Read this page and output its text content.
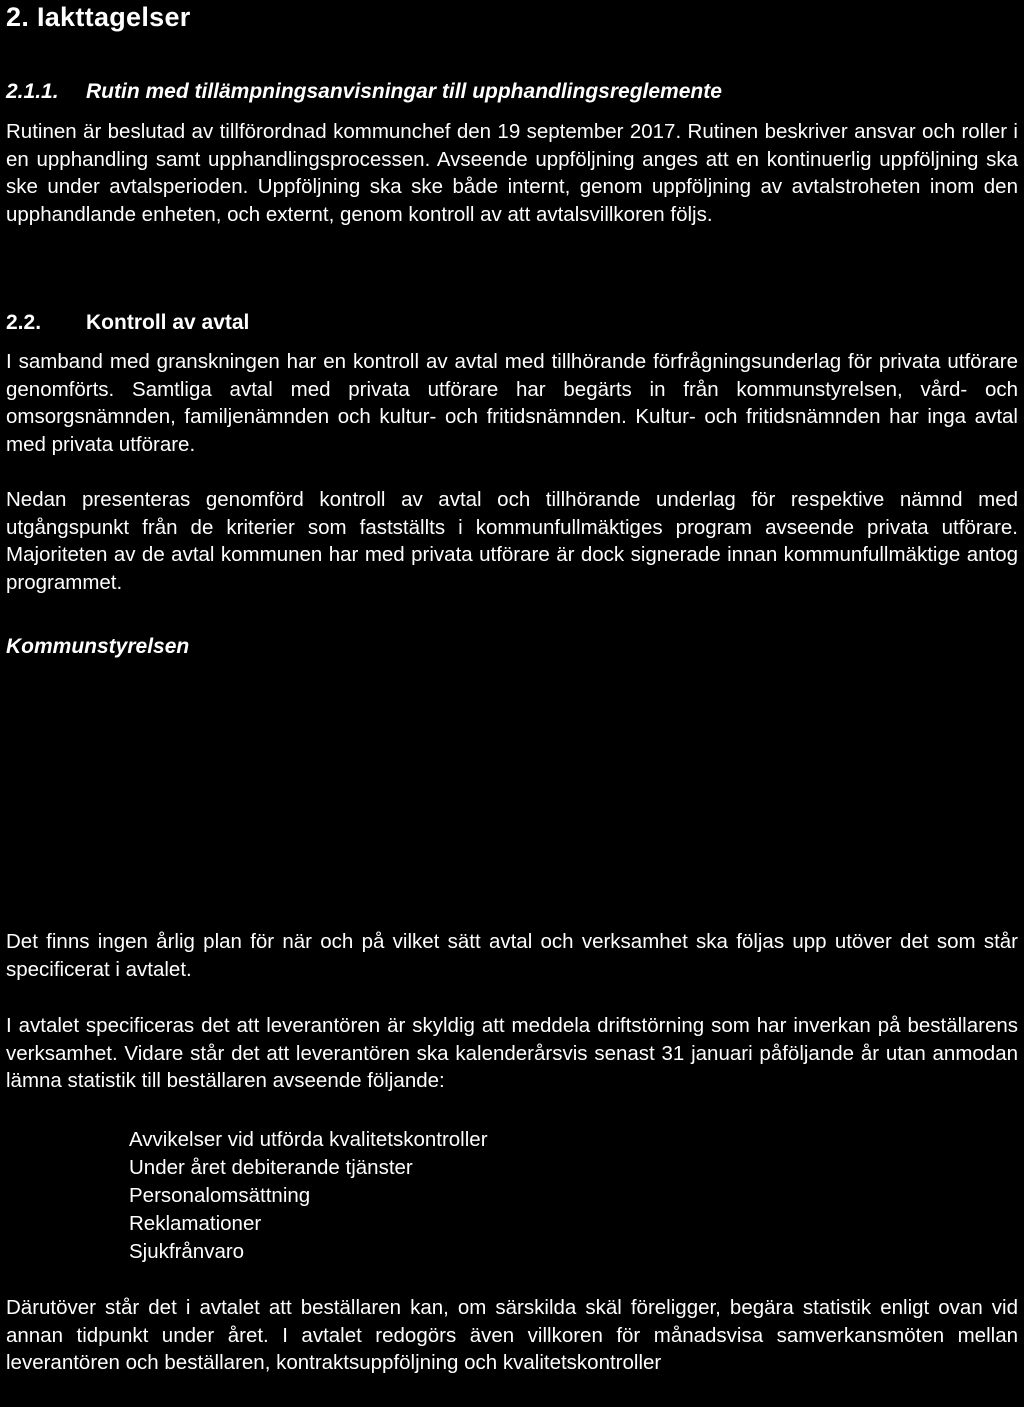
2. Iakttagelser
2.1.1. Rutin med tillämpningsanvisningar till upphandlingsreglemente
Rutinen är beslutad av tillförordnad kommunchef den 19 september 2017. Rutinen beskriver ansvar och roller i en upphandling samt upphandlingsprocessen. Avseende uppföljning anges att en kontinuerlig uppföljning ska ske under avtalsperioden. Uppföljning ska ske både internt, genom uppföljning av avtalstroheten inom den upphandlande enheten, och externt, genom kontroll av att avtalsvillkoren följs.
2.2. Kontroll av avtal
I samband med granskningen har en kontroll av avtal med tillhörande förfrågningsunderlag för privata utförare genomförts. Samtliga avtal med privata utförare har begärts in från kommunstyrelsen, vård- och omsorgsnämnden, familjenämnden och kultur- och fritidsnämnden. Kultur- och fritidsnämnden har inga avtal med privata utförare.
Nedan presenteras genomförd kontroll av avtal och tillhörande underlag för respektive nämnd med utgångspunkt från de kriterier som fastställts i kommunfullmäktiges program avseende privata utförare. Majoriteten av de avtal kommunen har med privata utförare är dock signerade innan kommunfullmäktige antog programmet.
Kommunstyrelsen
Det finns ingen årlig plan för när och på vilket sätt avtal och verksamhet ska följas upp utöver det som står specificerat i avtalet.
I avtalet specificeras det att leverantören är skyldig att meddela driftstörning som har inverkan på beställarens verksamhet. Vidare står det att leverantören ska kalenderårsvis senast 31 januari påföljande år utan anmodan lämna statistik till beställaren avseende följande:
Avvikelser vid utförda kvalitetskontroller
Under året debiterande tjänster
Personalomsättning
Reklamationer
Sjukfrånvaro
Därutöver står det i avtalet att beställaren kan, om särskilda skäl föreligger, begära statistik enligt ovan vid annan tidpunkt under året. I avtalet redogörs även villkoren för månadsvisa samverkansmöten mellan leverantören och beställaren, kontraktsuppföljning och kvalitetskontroller
